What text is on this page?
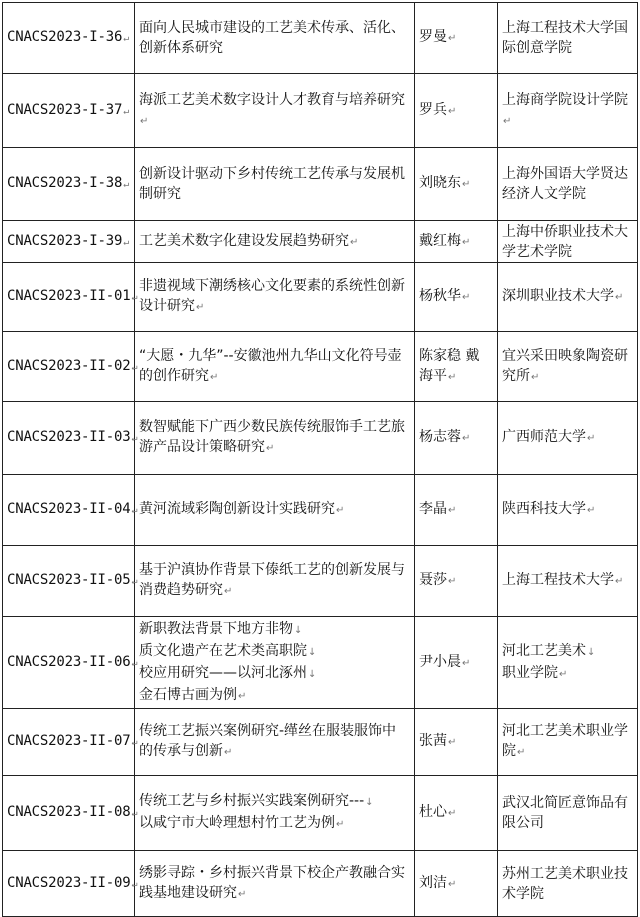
CNACS2023-I-36↵	面向人民城市建设的工艺美术传承、活化、创新体系研究	罗曼↵	上海工程技术大学国际创意学院
CNACS2023-I-37↵	海派工艺美术数字设计人才教育与培养研究↵	罗兵↵	上海商学院设计学院↵
CNACS2023-I-38↵	创新设计驱动下乡村传统工艺传承与发展机制研究	刘晓东↵	上海外国语大学贤达经济人文学院
CNACS2023-I-39↵	工艺美术数字化建设发展趋势研究↵	戴红梅↵	上海中侨职业技术大学艺术学院
CNACS2023-II-01↵	非遗视域下潮绣核心文化要素的系统性创新设计研究↵	杨秋华↵	深圳职业技术大学↵
CNACS2023-II-02↵	“大愿・九华”--安徽池州九华山文化符号壶的创作研究↵	陈家稳 戴海平↵	宜兴采田映象陶瓷研究所↵
CNACS2023-II-03↵	数智赋能下广西少数民族传统服饰手工艺旅游产品设计策略研究↵	杨志蓉↵	广西师范大学↵
CNACS2023-II-04↵	黄河流域彩陶创新设计实践研究↵	李晶↵	陕西科技大学↵
CNACS2023-II-05↵	基于沪滇协作背景下傣纸工艺的创新发展与消费趋势研究↵	聂莎↵	上海工程技术大学↵
CNACS2023-II-06↵	新职教法背景下地方非物↓
质文化遗产在艺术类高职院↓
校应用研究——以河北涿州↓
金石博古画为例↵	尹小晨↵	河北工艺美术↓
职业学院↵

CNACS2023-II-07↵	传统工艺振兴案例研究-缂丝在服装服饰中的传承与创新↵	张茜↵	河北工艺美术职业学院↵
CNACS2023-II-08↵	传统工艺与乡村振兴实践案例研究---↓
以咸宁市大岭理想村竹工艺为例↵	杜心↵	武汉北简匠意饰品有限公司
CNACS2023-II-09↵	绣影寻踪・乡村振兴背景下校企产教融合实践基地建设研究↵	刘洁↵	苏州工艺美术职业技术学院
